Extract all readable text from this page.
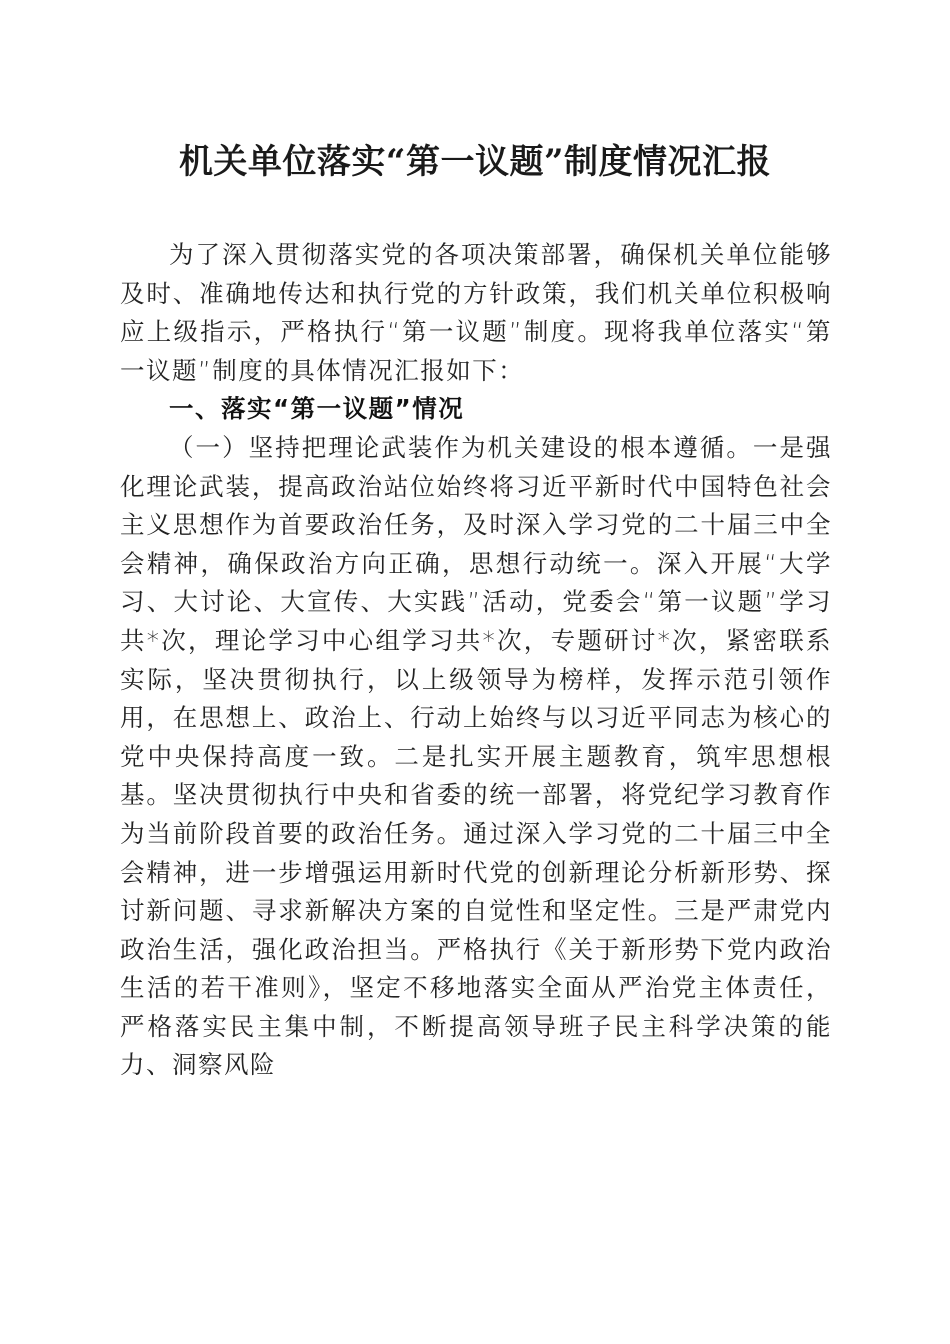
机关单位落实“第一议题”制度情况汇报

为了深入贯彻落实党的各项决策部署，确保机关单位能够及时、准确地传达和执行党的方针政策，我们机关单位积极响应上级指示，严格执行“第一议题”制度。现将我单位落实“第一议题”制度的具体情况汇报如下：

一、落实“第一议题”情况

（一）坚持把理论武装作为机关建设的根本遵循。一是强化理论武装，提高政治站位始终将习近平新时代中国特色社会主义思想作为首要政治任务，及时深入学习党的二十届三中全会精神，确保政治方向正确，思想行动统一。深入开展“大学习、大讨论、大宣传、大实践”活动，党委会“第一议题”学习共*次，理论学习中心组学习共*次，专题研讨*次，紧密联系实际，坚决贯彻执行，以上级领导为榜样，发挥示范引领作用，在思想上、政治上、行动上始终与以习近平同志为核心的党中央保持高度一致。二是扎实开展主题教育，筑牢思想根基。坚决贯彻执行中央和省委的统一部署，将党纪学习教育作为当前阶段首要的政治任务。通过深入学习党的二十届三中全会精神，进一步增强运用新时代党的创新理论分析新形势、探讨新问题、寻求新解决方案的自觉性和坚定性。三是严肃党内政治生活，强化政治担当。严格执行《关于新形势下党内政治生活的若干准则》，坚定不移地落实全面从严治党主体责任，严格落实民主集中制，不断提高领导班子民主科学决策的能力、洞察风险
